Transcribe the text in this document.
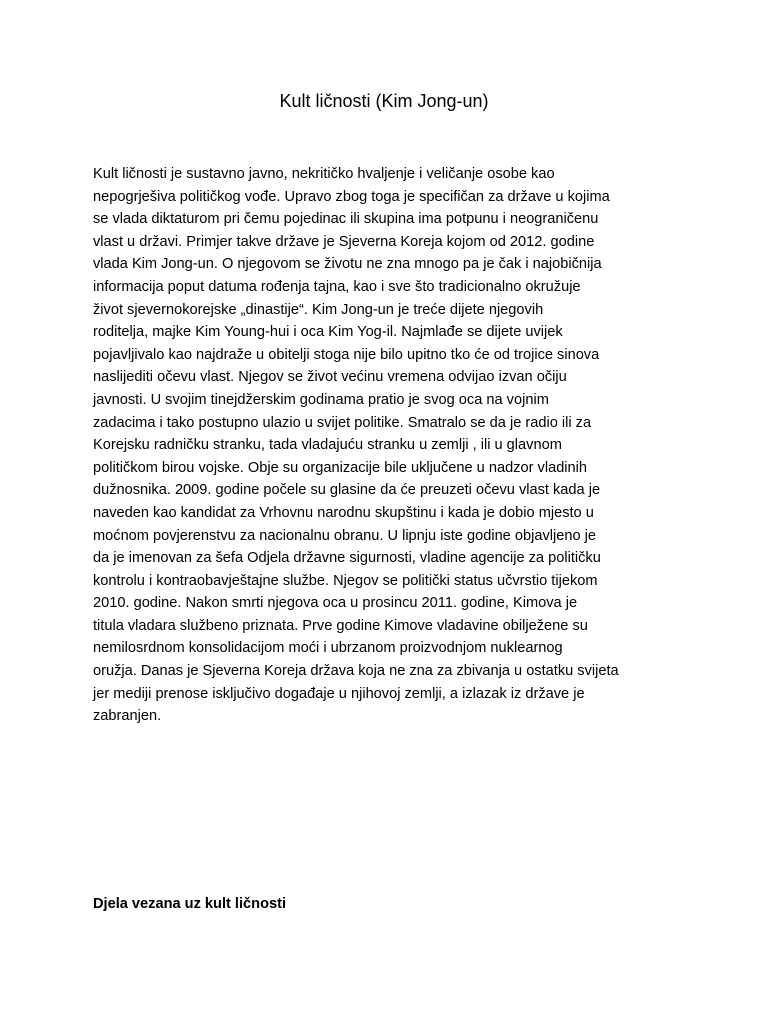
Kult ličnosti (Kim Jong-un)

Kult ličnosti je sustavno javno, nekritičko hvaljenje i veličanje osobe kao
nepogrješiva političkog vođe. Upravo zbog toga je specifičan za države u kojima
se vlada diktaturom pri čemu pojedinac ili skupina ima potpunu i neograničenu
vlast u državi. Primjer takve države je Sjeverna Koreja kojom od 2012. godine
vlada Kim Jong-un. O njegovom se životu ne zna mnogo pa je čak i najobičnija
informacija poput datuma rođenja tajna, kao i sve što tradicionalno okružuje
život sjevernokorejske „dinastije“. Kim Jong-un je treće dijete njegovih
roditelja, majke Kim Young-hui i oca Kim Yog-il. Najmlađe se dijete uvijek
pojavljivalo kao najdraže u obitelji stoga nije bilo upitno tko će od trojice sinova
naslijediti očevu vlast. Njegov se život većinu vremena odvijao izvan očiju
javnosti. U svojim tinejdžerskim godinama pratio je svog oca na vojnim
zadacima i tako postupno ulazio u svijet politike. Smatralo se da je radio ili za
Korejsku radničku stranku, tada vladajuću stranku u zemlji , ili u glavnom
političkom birou vojske. Obje su organizacije bile uključene u nadzor vladinih
dužnosnika. 2009. godine počele su glasine da će preuzeti očevu vlast kada je
naveden kao kandidat za Vrhovnu narodnu skupštinu i kada je dobio mjesto u
moćnom povjerenstvu za nacionalnu obranu. U lipnju iste godine objavljeno je
da je imenovan za šefa Odjela državne sigurnosti, vladine agencije za političku
kontrolu i kontraobavještajne službe. Njegov se politički status učvrstio tijekom
2010. godine. Nakon smrti njegova oca u prosincu 2011. godine, Kimova je
titula vladara službeno priznata. Prve godine Kimove vladavine obilježene su
nemilosrdnom konsolidacijom moći i ubrzanom proizvodnjom nuklearnog
oružja. Danas je Sjeverna Koreja država koja ne zna za zbivanja u ostatku svijeta
jer mediji prenose isključivo događaje u njihovoj zemlji, a izlazak iz države je
zabranjen.

Djela vezana uz kult ličnosti
